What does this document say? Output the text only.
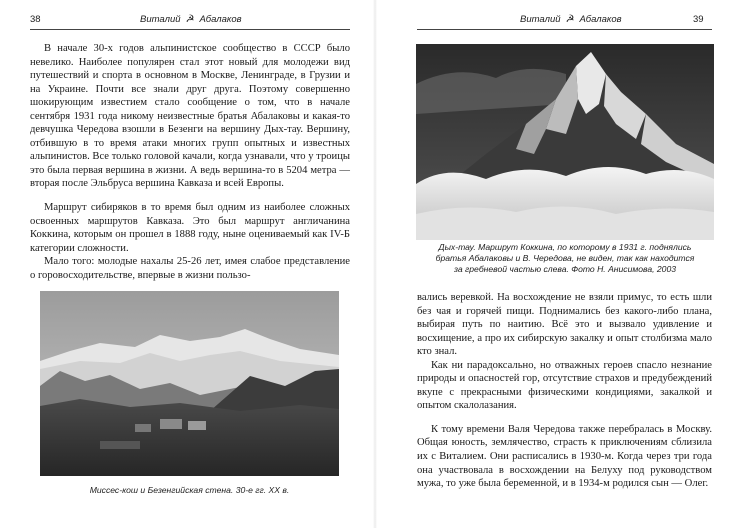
38	Виталий ☭ Абалаков

В начале 30-х годов альпинистское сообщество в СССР было невелико. Наиболее популярен стал этот новый для молодежи вид путешествий и спорта в основном в Москве, Ленинграде, в Грузии и на Украине. Почти все знали друг друга. Поэтому совершенно шокирующим известием стало сообщение о том, что в начале сентября 1931 года никому неизвестные братья Абалаковы и какая-то девчушка Чередова взошли в Безенги на вершину Дых-тау. Вершину, отбившую в то время атаки многих групп опытных и известных альпинистов. Все только головой качали, когда узнавали, что у троицы это была первая вершина в жизни. А ведь вершина-то в 5204 метра — вторая после Эльбруса вершина Кавказа и всей Европы.

Маршрут сибиряков в то время был одним из наиболее сложных освоенных маршрутов Кавказа. Это был маршрут англичанина Коккина, которым он прошел в 1888 году, ныне оцениваемый как IV-Б категории сложности.

Мало того: молодые нахалы 25-26 лет, имея слабое представление о горовосходительстве, впервые в жизни пользо-

Миссес-кош и Безенгийская стена. 30-е гг. XX в.
Виталий ☭ Абалаков	39
Дых-тау. Маршрут Коккина, по которому в 1931 г. поднялись
братья Абалаковы и В. Чередова, не виден, так как находится
за гребневой частью слева. Фото Н. Анисимова, 2003

вались веревкой. На восхождение не взяли примус, то есть шли без чая и горячей пищи. Поднимались без какого-либо плана, выбирая путь по наитию. Всё это и вызвало удивление и восхищение, а про их сибирскую закалку и опыт столбизма мало кто знал.

Как ни парадоксально, но отважных героев спасло незнание природы и опасностей гор, отсутствие страхов и предубеждений вкупе с прекрасными физическими кондициями, закалкой и опытом скалолазания.

К тому времени Валя Чередова также перебралась в Москву. Общая юность, землячество, страсть к приключениям сблизила их с Виталием. Они расписались в 1930-м. Когда через три года она участвовала в восхождении на Белуху под руководством мужа, то уже была беременной, и в 1934-м родился сын — Олег.
